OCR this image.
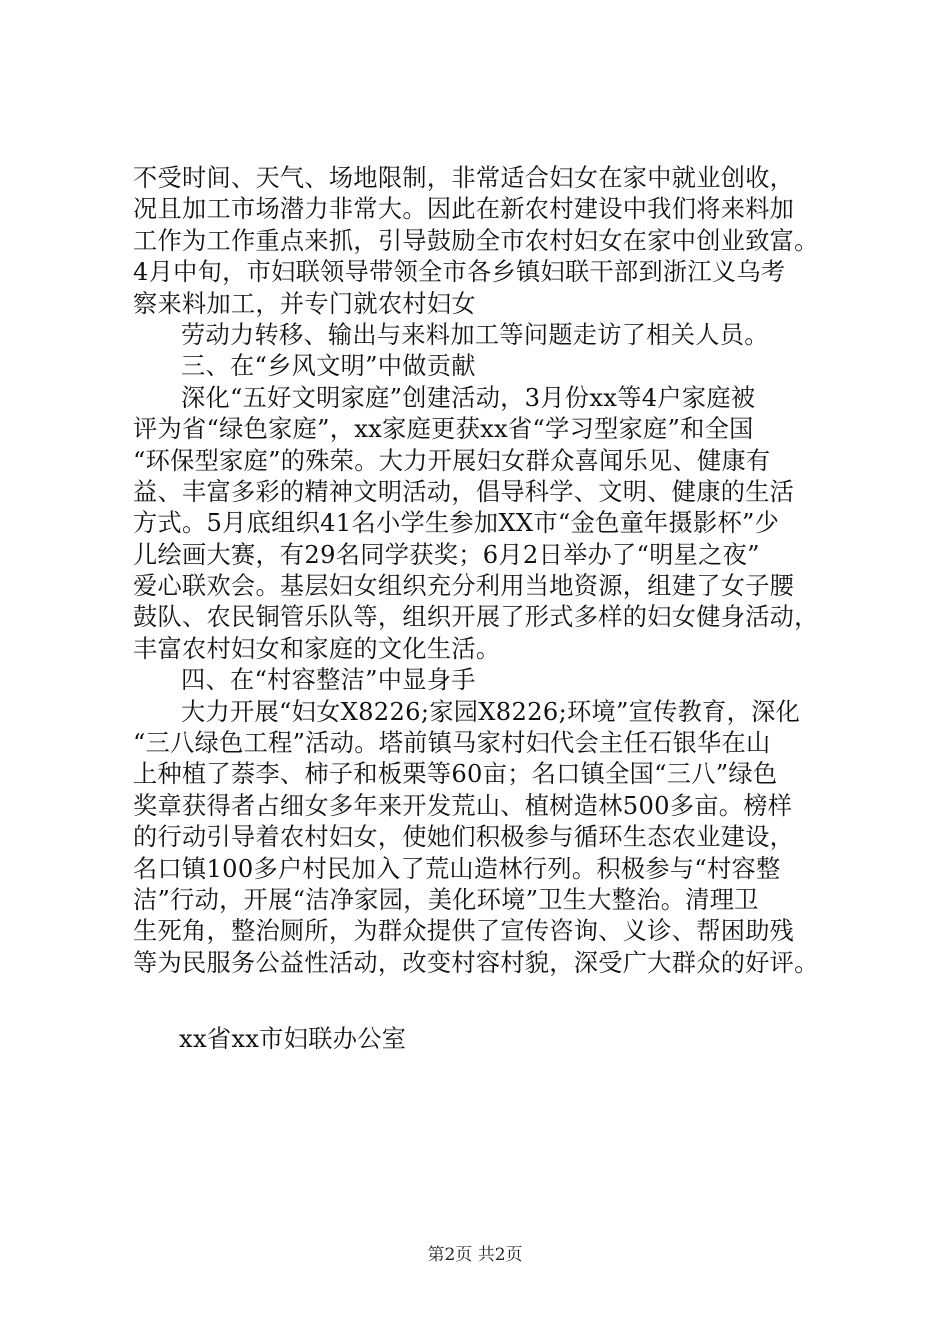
不受时间、天气、场地限制，非常适合妇女在家中就业创收，
况且加工市场潜力非常大。因此在新农村建设中我们将来料加
工作为工作重点来抓，引导鼓励全市农村妇女在家中创业致富。
4月中旬，市妇联领导带领全市各乡镇妇联干部到浙江义乌考
察来料加工，并专门就农村妇女
劳动力转移、输出与来料加工等问题走访了相关人员。
三、在“乡风文明”中做贡献
深化“五好文明家庭”创建活动，3月份xx等4户家庭被
评为省“绿色家庭”，xx家庭更获xx省“学习型家庭”和全国
“环保型家庭”的殊荣。大力开展妇女群众喜闻乐见、健康有
益、丰富多彩的精神文明活动，倡导科学、文明、健康的生活
方式。5月底组织41名小学生参加XX市“金色童年摄影杯”少
儿绘画大赛，有29名同学获奖；6月2日举办了“明星之夜”
爱心联欢会。基层妇女组织充分利用当地资源，组建了女子腰
鼓队、农民铜管乐队等，组织开展了形式多样的妇女健身活动，
丰富农村妇女和家庭的文化生活。
四、在“村容整洁”中显身手
大力开展“妇女X8226;家园X8226;环境”宣传教育，深化
“三八绿色工程”活动。塔前镇马家村妇代会主任石银华在山
上种植了萘李、柿子和板栗等60亩；名口镇全国“三八”绿色
奖章获得者占细女多年来开发荒山、植树造林500多亩。榜样
的行动引导着农村妇女，使她们积极参与循环生态农业建设，
名口镇100多户村民加入了荒山造林行列。积极参与“村容整
洁”行动，开展“洁净家园，美化环境”卫生大整治。清理卫
生死角，整治厕所，为群众提供了宣传咨询、义诊、帮困助残
等为民服务公益性活动，改变村容村貌，深受广大群众的好评。
xx省xx市妇联办公室
第2页 共2页
